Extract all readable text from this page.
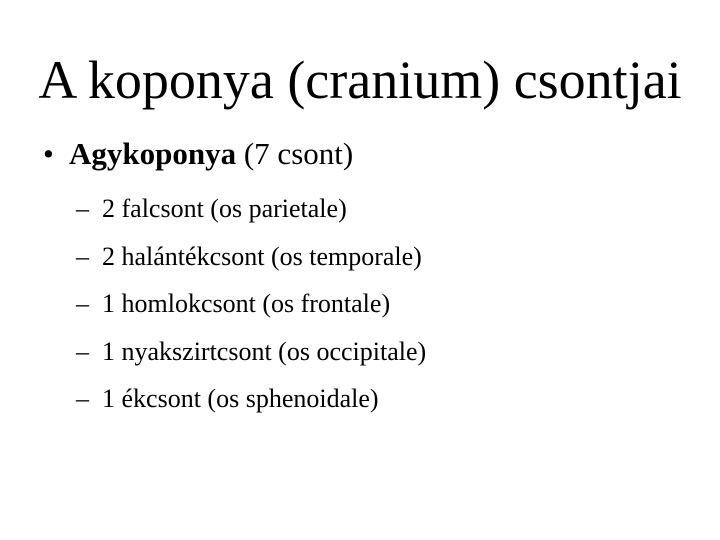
A koponya (cranium) csontjai
• Agykoponya (7 csont)
– 2 falcsont (os parietale)
– 2 halántékcsont (os temporale)
– 1 homlokcsont (os frontale)
– 1 nyakszirtcsont (os occipitale)
– 1 ékcsont (os sphenoidale)
